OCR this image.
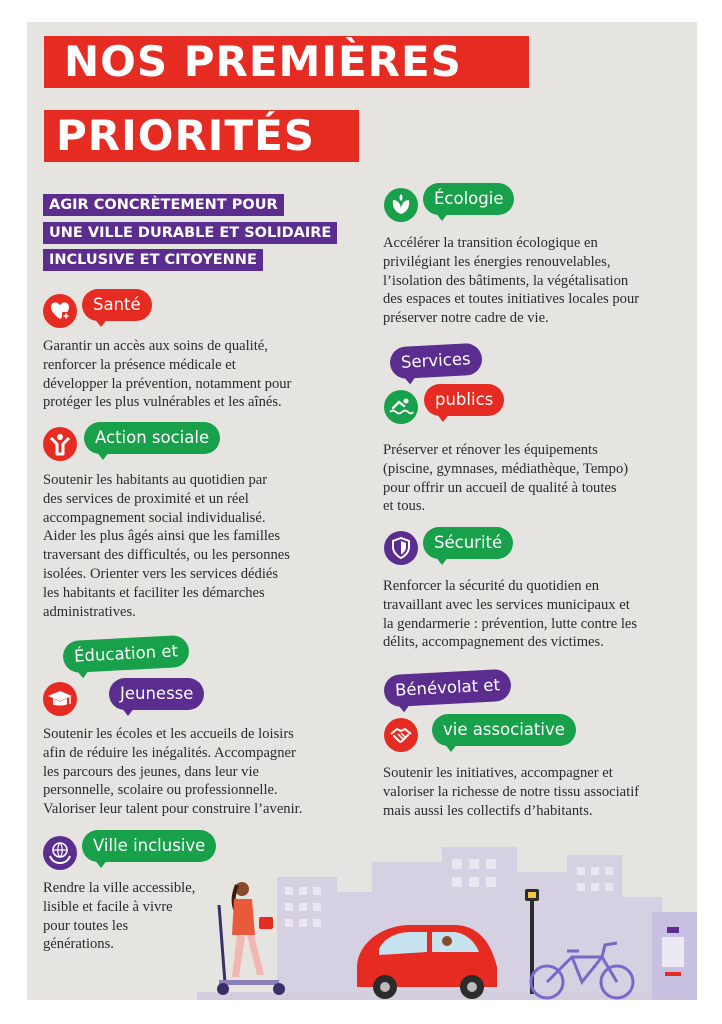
NOS PREMIÈRES
PRIORITÉS
AGIR CONCRÈTEMENT POUR
UNE VILLE DURABLE ET SOLIDAIRE
INCLUSIVE ET CITOYENNE
Santé
Garantir un accès aux soins de qualité,
renforcer la présence médicale et
développer la prévention, notamment pour
protéger les plus vulnérables et les aînés.
Action sociale
Soutenir les habitants au quotidien par
des services de proximité et un réel
accompagnement social individualisé.
Aider les plus âgés ainsi que les familles
traversant des difficultés, ou les personnes
isolées. Orienter vers les services dédiés
les habitants et faciliter les démarches
administratives.
Éducation et
Jeunesse
Soutenir les écoles et les accueils de loisirs
afin de réduire les inégalités. Accompagner
les parcours des jeunes, dans leur vie
personnelle, scolaire ou professionnelle.
Valoriser leur talent pour construire l’avenir.
Ville inclusive
Rendre la ville accessible,
lisible et facile à vivre
pour toutes les
générations.
Écologie
Accélérer la transition écologique en
privilégiant les énergies renouvelables,
l’isolation des bâtiments, la végétalisation
des espaces et toutes initiatives locales pour
préserver notre cadre de vie.
Services
publics
Préserver et rénover les équipements
(piscine, gymnases, médiathèque, Tempo)
pour offrir un accueil de qualité à toutes
et tous.
Sécurité
Renforcer la sécurité du quotidien en
travaillant avec les services municipaux et
la gendarmerie : prévention, lutte contre les
délits, accompagnement des victimes.
Bénévolat et
vie associative
Soutenir les initiatives, accompagner et
valoriser la richesse de notre tissu associatif
mais aussi les collectifs d’habitants.
